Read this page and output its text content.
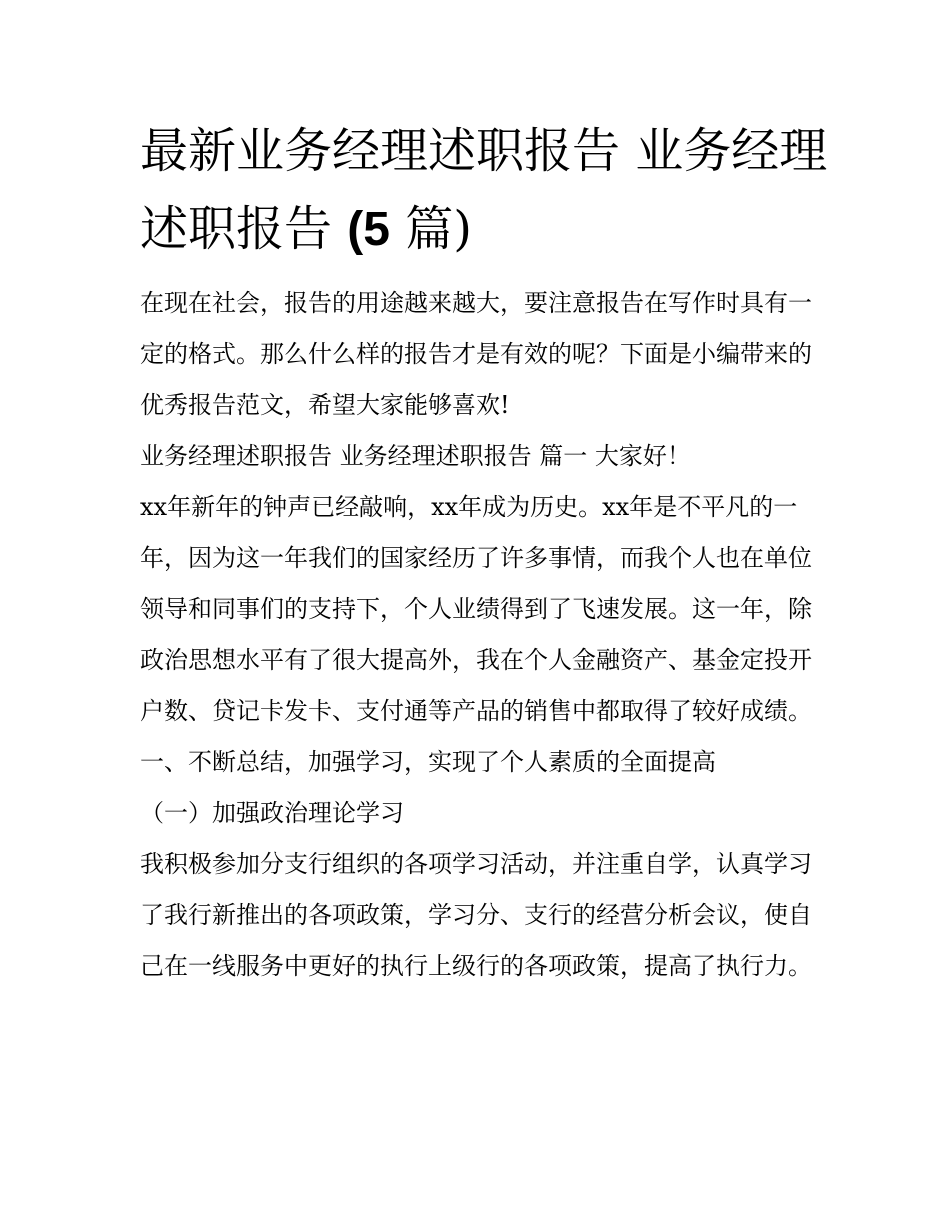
最新业务经理述职报告 业务经理述职报告 (5 篇)

在现在社会，报告的用途越来越大，要注意报告在写作时具有一定的格式。那么什么样的报告才是有效的呢？下面是小编带来的优秀报告范文，希望大家能够喜欢!

业务经理述职报告 业务经理述职报告 篇一 大家好！

xx年新年的钟声已经敲响，xx年成为历史。xx年是不平凡的一年，因为这一年我们的国家经历了许多事情，而我个人也在单位领导和同事们的支持下，个人业绩得到了飞速发展。这一年，除政治思想水平有了很大提高外，我在个人金融资产、基金定投开户数、贷记卡发卡、支付通等产品的销售中都取得了较好成绩。

一、不断总结，加强学习，实现了个人素质的全面提高

（一）加强政治理论学习

我积极参加分支行组织的各项学习活动，并注重自学，认真学习了我行新推出的各项政策，学习分、支行的经营分析会议，使自己在一线服务中更好的执行上级行的各项政策，提高了执行力。
